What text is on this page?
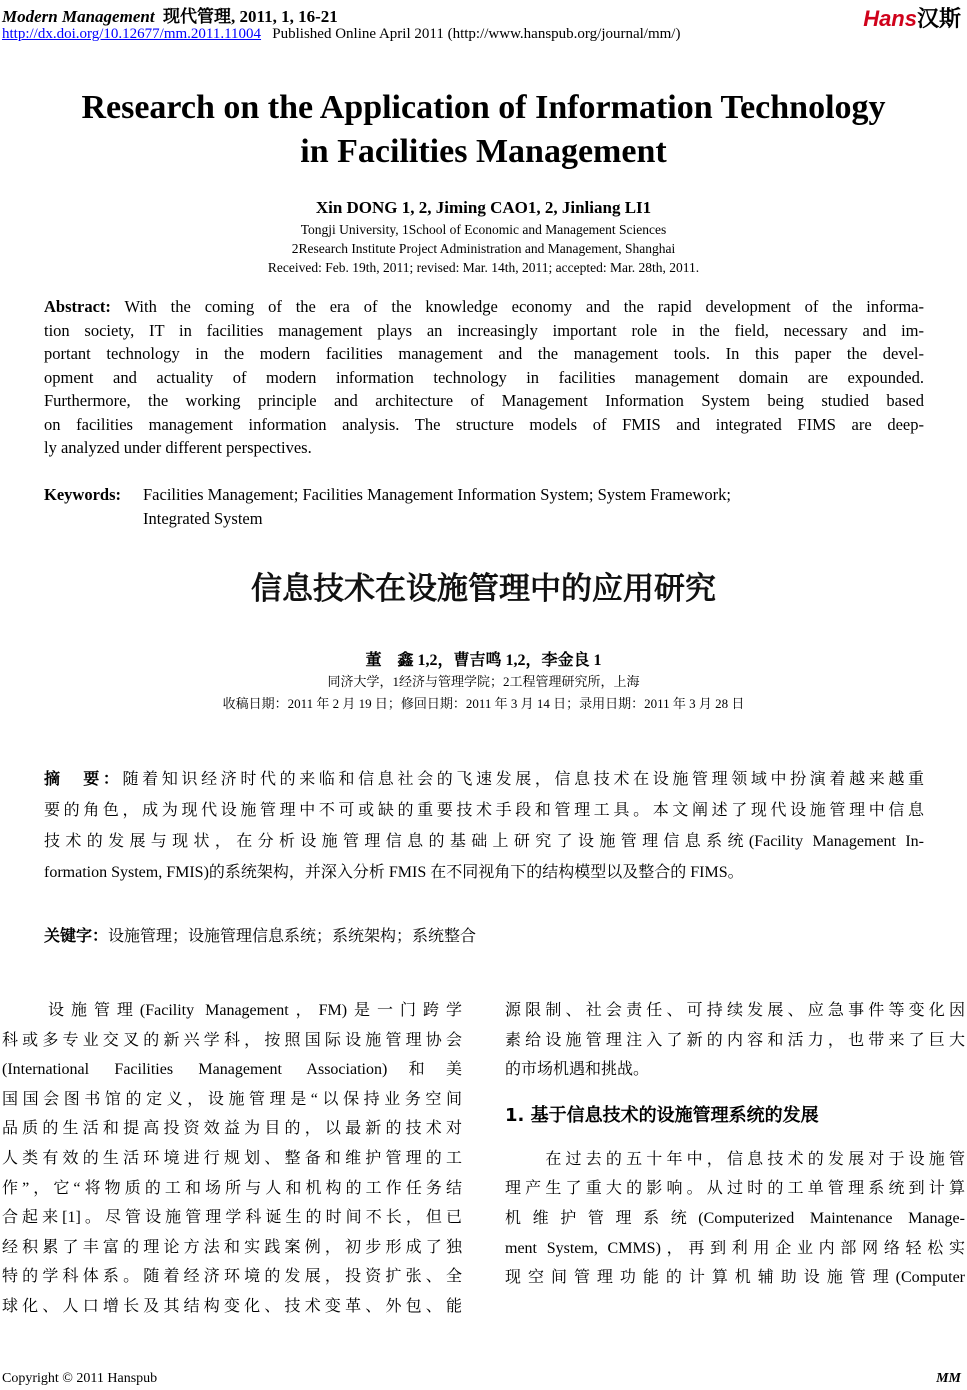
Modern Management 现代管理, 2011, 1, 16-21
http://dx.doi.org/10.12677/mm.2011.11004 Published Online April 2011 (http://www.hanspub.org/journal/mm/)
Hans汉斯
Research on the Application of Information Technology
in Facilities Management
Xin DONG 1, 2, Jiming CAO1, 2, Jinliang LI1
Tongji University, 1School of Economic and Management Sciences
2Research Institute Project Administration and Management, Shanghai
Received: Feb. 19th, 2011; revised: Mar. 14th, 2011; accepted: Mar. 28th, 2011.
Abstract: With the coming of the era of the knowledge economy and the rapid development of the informa-
tion society, IT in facilities management plays an increasingly important role in the field, necessary and im-
portant technology in the modern facilities management and the management tools. In this paper the devel-
opment and actuality of modern information technology in facilities management domain are expounded.
Furthermore, the working principle and architecture of Management Information System being studied based
on facilities management information analysis. The structure models of FMIS and integrated FIMS are deep-
ly analyzed under different perspectives.
Keywords: Facilities Management; Facilities Management Information System; System Framework;
Integrated System
信息技术在设施管理中的应用研究
董　鑫 1,2，曹吉鸣 1,2，李金良 1
同济大学，1经济与管理学院；2工程管理研究所，上海
收稿日期：2011 年 2 月 19 日；修回日期：2011 年 3 月 14 日；录用日期：2011 年 3 月 28 日
摘　要：随着知识经济时代的来临和信息社会的飞速发展，信息技术在设施管理领域中扮演着越来越重
要的角色，成为现代设施管理中不可或缺的重要技术手段和管理工具。本文阐述了现代设施管理中信息
技术的发展与现状，在分析设施管理信息的基础上研究了设施管理信息系统(Facility Management In-
formation System, FMIS)的系统架构，并深入分析 FMIS 在不同视角下的结构模型以及整合的 FIMS。
关键字：设施管理；设施管理信息系统；系统架构；系统整合
　　设施管理(Facility Management，FM)是一门跨学
科或多专业交叉的新兴学科，按照国际设施管理协会
(International Facilities Management Association)和美
国国会图书馆的定义，设施管理是“以保持业务空间
品质的生活和提高投资效益为目的，以最新的技术对
人类有效的生活环境进行规划、整备和维护管理的工
作”，它“将物质的工和场所与人和机构的工作任务结
合起来[1]。尽管设施管理学科诞生的时间不长，但已
经积累了丰富的理论方法和实践案例，初步形成了独
特的学科体系。随着经济环境的发展，投资扩张、全
球化、人口增长及其结构变化、技术变革、外包、能
源限制、社会责任、可持续发展、应急事件等变化因
素给设施管理注入了新的内容和活力，也带来了巨大
的市场机遇和挑战。
1. 基于信息技术的设施管理系统的发展
　　在过去的五十年中，信息技术的发展对于设施管
理产生了重大的影响。从过时的工单管理系统到计算
机维护管理系统(Computerized Maintenance Manage-
ment System, CMMS)，再到利用企业内部网络轻松实
现空间管理功能的计算机辅助设施管理(Computer
Copyright © 2011 Hanspub	MM
